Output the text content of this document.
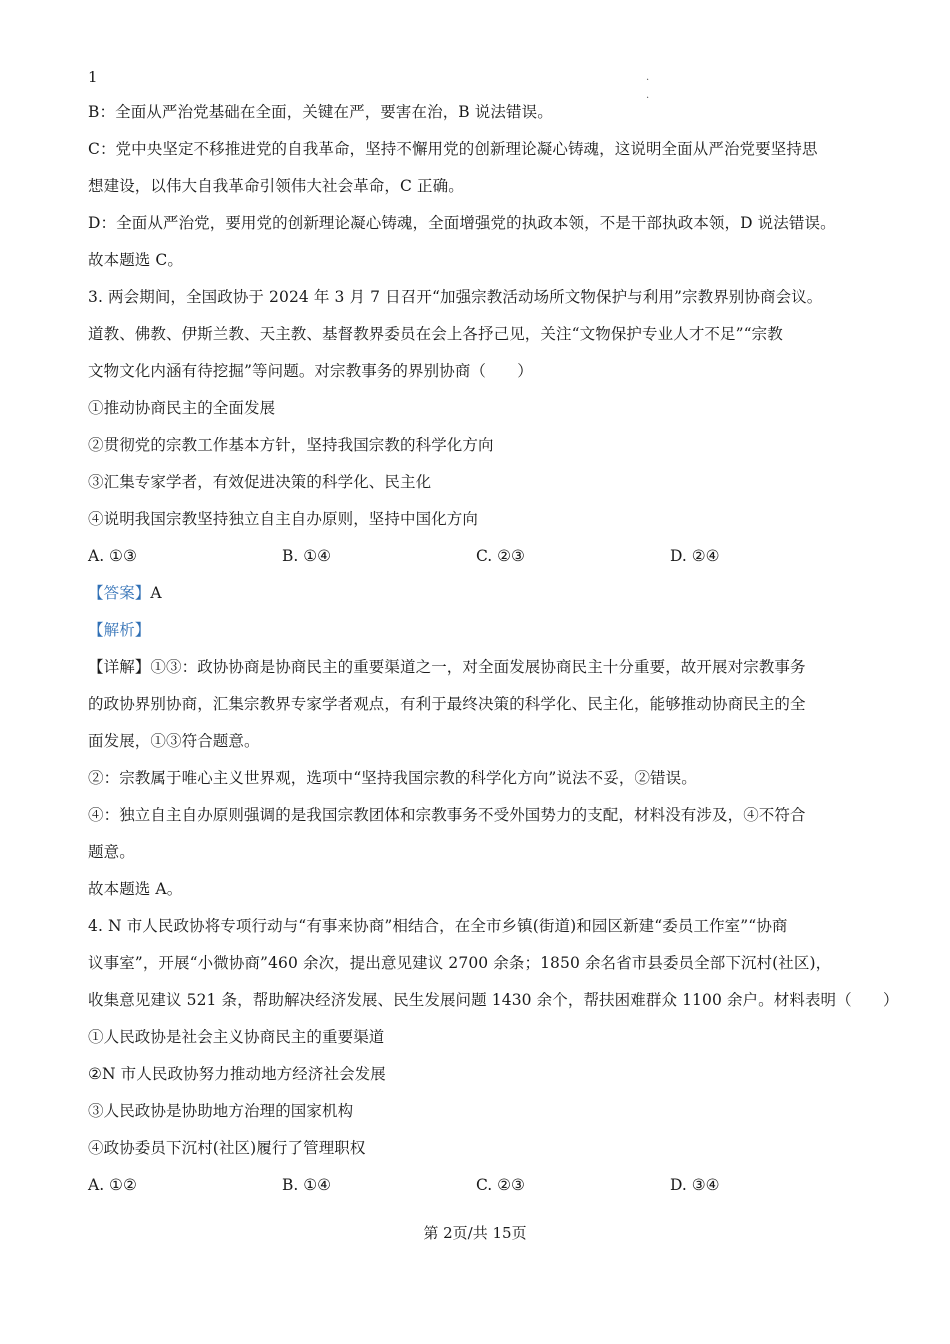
1	.
.
B：全面从严治党基础在全面，关键在严，要害在治，B 说法错误。
C：党中央坚定不移推进党的自我革命，坚持不懈用党的创新理论凝心铸魂，这说明全面从严治党要坚持思
想建设，以伟大自我革命引领伟大社会革命，C 正确。
D：全面从严治党，要用党的创新理论凝心铸魂，全面增强党的执政本领，不是干部执政本领，D 说法错误。
故本题选 C。
3. 两会期间，全国政协于 2024 年 3 月 7 日召开“加强宗教活动场所文物保护与利用”宗教界别协商会议。
道教、佛教、伊斯兰教、天主教、基督教界委员在会上各抒己见，关注“文物保护专业人才不足”“宗教
文物文化内涵有待挖掘”等问题。对宗教事务的界别协商（　　）
①推动协商民主的全面发展
②贯彻党的宗教工作基本方针，坚持我国宗教的科学化方向
③汇集专家学者，有效促进决策的科学化、民主化
④说明我国宗教坚持独立自主自办原则，坚持中国化方向
A. ①③	B. ①④	C. ②③	D. ②④
【答案】A
【解析】
【详解】①③：政协协商是协商民主的重要渠道之一，对全面发展协商民主十分重要，故开展对宗教事务
的政协界别协商，汇集宗教界专家学者观点，有利于最终决策的科学化、民主化，能够推动协商民主的全
面发展，①③符合题意。
②：宗教属于唯心主义世界观，选项中“坚持我国宗教的科学化方向”说法不妥，②错误。
④：独立自主自办原则强调的是我国宗教团体和宗教事务不受外国势力的支配，材料没有涉及，④不符合
题意。
故本题选 A。
4. N 市人民政协将专项行动与“有事来协商”相结合，在全市乡镇(街道)和园区新建“委员工作室”“协商
议事室”，开展“小微协商”460 余次，提出意见建议 2700 余条；1850 余名省市县委员全部下沉村(社区)，
收集意见建议 521 条，帮助解决经济发展、民生发展问题 1430 余个，帮扶困难群众 1100 余户。材料表明（　　）
①人民政协是社会主义协商民主的重要渠道
②N 市人民政协努力推动地方经济社会发展
③人民政协是协助地方治理的国家机构
④政协委员下沉村(社区)履行了管理职权
A. ①②	B. ①④	C. ②③	D. ③④
第 2页/共 15页
